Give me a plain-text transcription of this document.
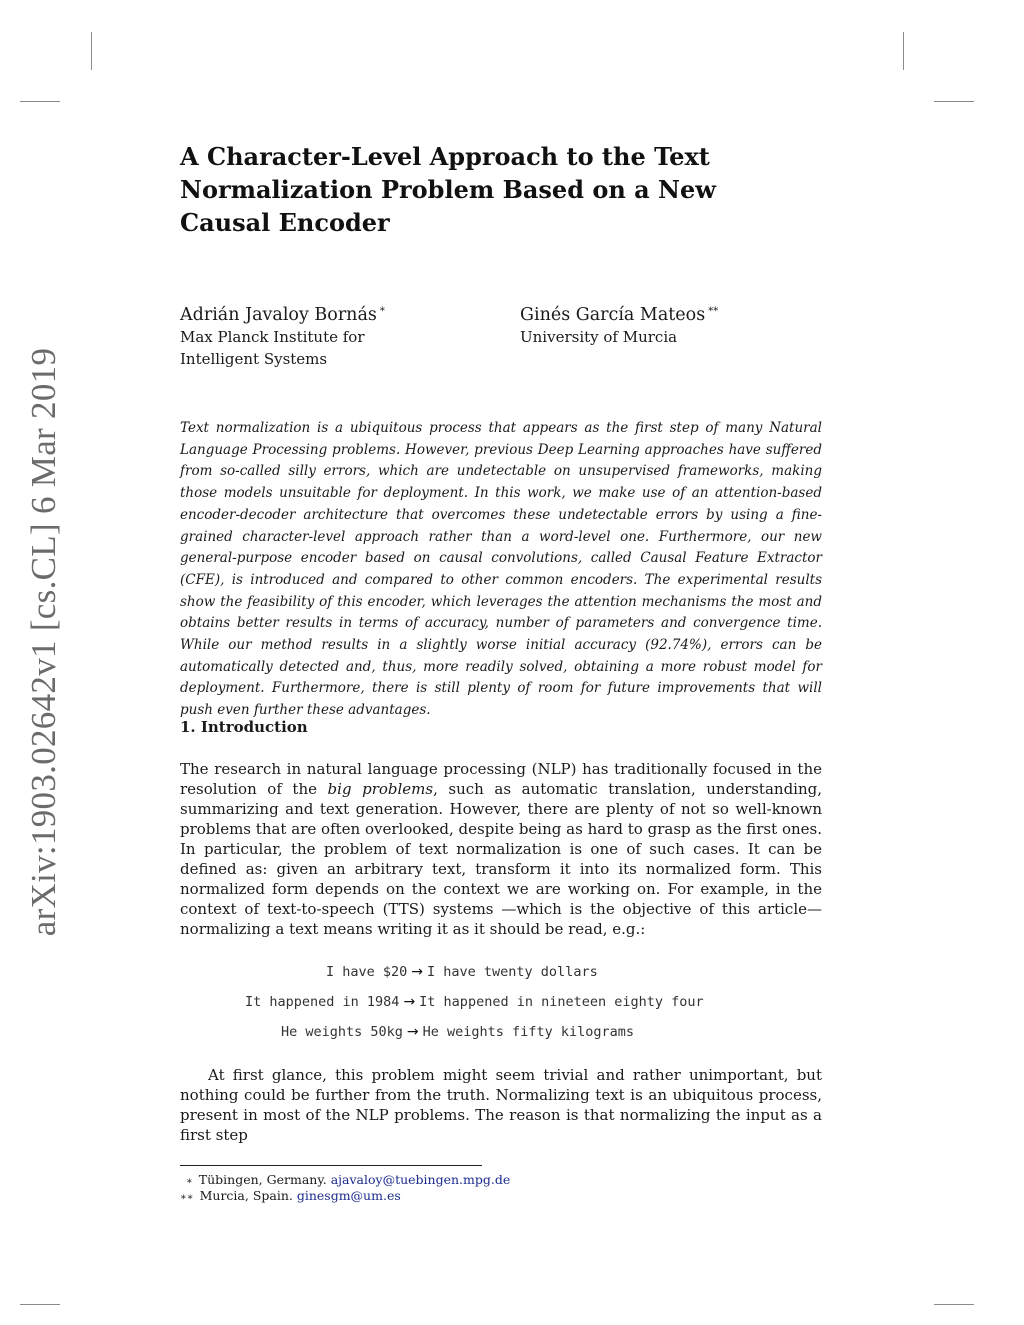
arXiv:1903.02642v1 [cs.CL] 6 Mar 2019
A Character-Level Approach to the Text
Normalization Problem Based on a New
Causal Encoder
Adrián Javaloy Bornás *
Max Planck Institute for
Intelligent Systems
Ginés García Mateos **
University of Murcia
Text normalization is a ubiquitous process that appears as the first step of many Natural Language Processing problems. However, previous Deep Learning approaches have suffered from so-called silly errors, which are undetectable on unsupervised frameworks, making those models unsuitable for deployment. In this work, we make use of an attention-based encoder-decoder architecture that overcomes these undetectable errors by using a fine-grained character-level approach rather than a word-level one. Furthermore, our new general-purpose encoder based on causal convolutions, called Causal Feature Extractor (CFE), is introduced and compared to other common encoders. The experimental results show the feasibility of this encoder, which leverages the attention mechanisms the most and obtains better results in terms of accuracy, number of parameters and convergence time. While our method results in a slightly worse initial accuracy (92.74%), errors can be automatically detected and, thus, more readily solved, obtaining a more robust model for deployment. Furthermore, there is still plenty of room for future improvements that will push even further these advantages.
1. Introduction
The research in natural language processing (NLP) has traditionally focused in the resolution of the big problems, such as automatic translation, understanding, summarizing and text generation. However, there are plenty of not so well-known problems that are often overlooked, despite being as hard to grasp as the first ones. In particular, the problem of text normalization is one of such cases. It can be defined as: given an arbitrary text, transform it into its normalized form. This normalized form depends on the context we are working on. For example, in the context of text-to-speech (TTS) systems —which is the objective of this article— normalizing a text means writing it as it should be read, e.g.:
I have $20 → I have twenty dollars
It happened in 1984 → It happened in nineteen eighty four
He weights 50kg → He weights fifty kilograms
At first glance, this problem might seem trivial and rather unimportant, but nothing could be further from the truth. Normalizing text is an ubiquitous process, present in most of the NLP problems. The reason is that normalizing the input as a first step
∗ Tübingen, Germany. ajavaloy@tuebingen.mpg.de
∗∗ Murcia, Spain. ginesgm@um.es
